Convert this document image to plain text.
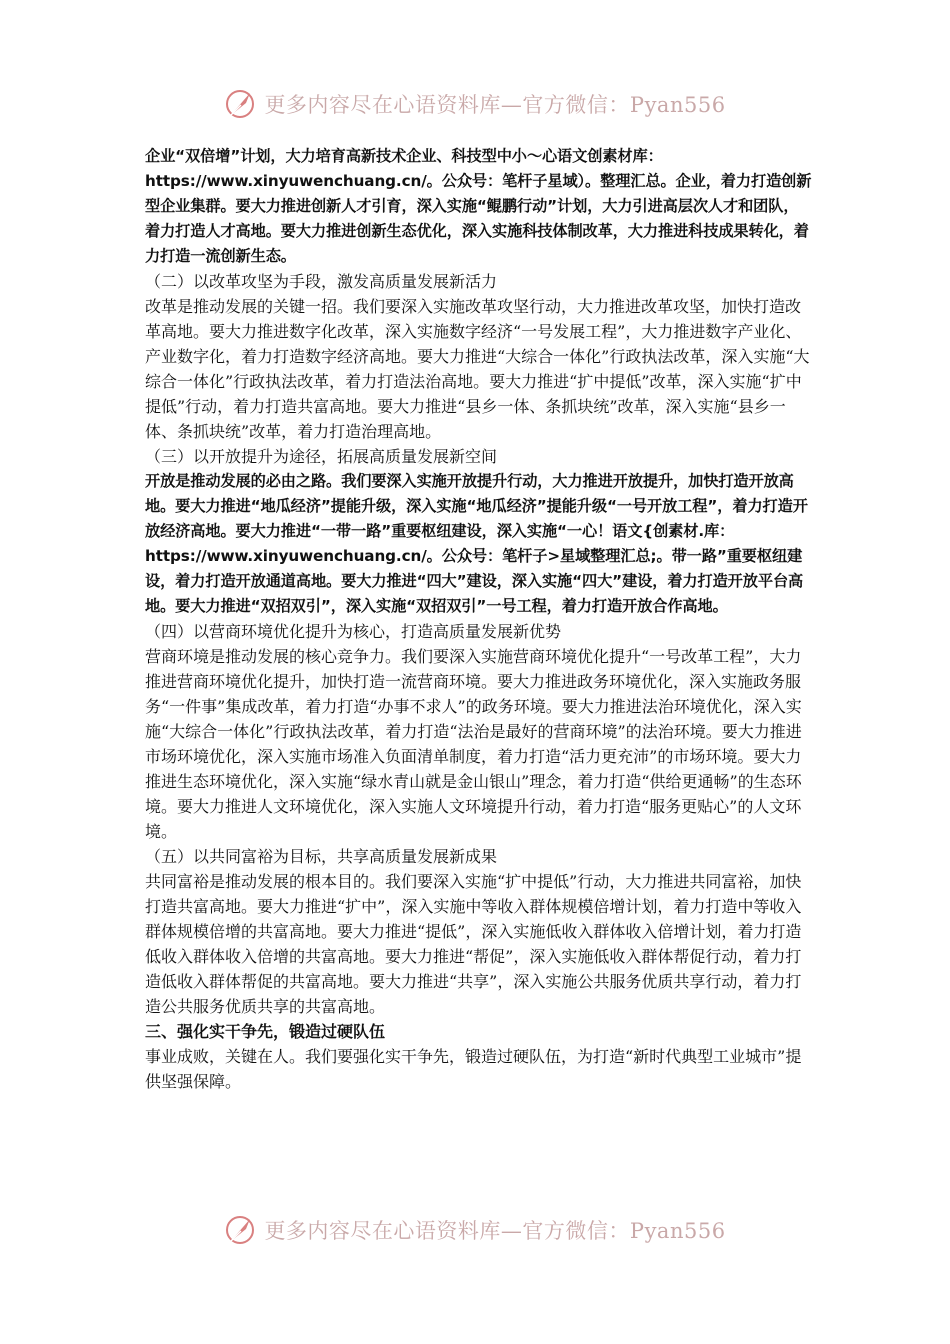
更多内容尽在心语资料库—官方微信：Pyan556

企业“双倍增”计划，大力培育高新技术企业、科技型中小～心语文创素材库：https://www.xinyuwenchuang.cn/。公众号：笔杆子星域）。整理汇总。企业，着力打造创新型企业集群。要大力推进创新人才引育，深入实施“鲲鹏行动”计划，大力引进高层次人才和团队，着力打造人才高地。要大力推进创新生态优化，深入实施科技体制改革，大力推进科技成果转化，着力打造一流创新生态。

（二）以改革攻坚为手段，激发高质量发展新活力

改革是推动发展的关键一招。我们要深入实施改革攻坚行动，大力推进改革攻坚，加快打造改革高地。要大力推进数字化改革，深入实施数字经济“一号发展工程”，大力推进数字产业化、产业数字化，着力打造数字经济高地。要大力推进“大综合一体化”行政执法改革，深入实施“大综合一体化”行政执法改革，着力打造法治高地。要大力推进“扩中提低”改革，深入实施“扩中提低”行动，着力打造共富高地。要大力推进“县乡一体、条抓块统”改革，深入实施“县乡一体、条抓块统”改革，着力打造治理高地。

（三）以开放提升为途径，拓展高质量发展新空间

开放是推动发展的必由之路。我们要深入实施开放提升行动，大力推进开放提升，加快打造开放高地。要大力推进“地瓜经济”提能升级，深入实施“地瓜经济”提能升级“一号开放工程”，着力打造开放经济高地。要大力推进“一带一路”重要枢纽建设，深入实施“一心！语文{创素材.库：https://www.xinyuwenchuang.cn/。公众号：笔杆子>星域整理汇总;。带一路”重要枢纽建设，着力打造开放通道高地。要大力推进“四大”建设，深入实施“四大”建设，着力打造开放平台高地。要大力推进“双招双引”，深入实施“双招双引”一号工程，着力打造开放合作高地。

（四）以营商环境优化提升为核心，打造高质量发展新优势

营商环境是推动发展的核心竞争力。我们要深入实施营商环境优化提升“一号改革工程”，大力推进营商环境优化提升，加快打造一流营商环境。要大力推进政务环境优化，深入实施政务服务“一件事”集成改革，着力打造“办事不求人”的政务环境。要大力推进法治环境优化，深入实施“大综合一体化”行政执法改革，着力打造“法治是最好的营商环境”的法治环境。要大力推进市场环境优化，深入实施市场准入负面清单制度，着力打造“活力更充沛”的市场环境。要大力推进生态环境优化，深入实施“绿水青山就是金山银山”理念，着力打造“供给更通畅”的生态环境。要大力推进人文环境优化，深入实施人文环境提升行动，着力打造“服务更贴心”的人文环境。

（五）以共同富裕为目标，共享高质量发展新成果

共同富裕是推动发展的根本目的。我们要深入实施“扩中提低”行动，大力推进共同富裕，加快打造共富高地。要大力推进“扩中”，深入实施中等收入群体规模倍增计划，着力打造中等收入群体规模倍增的共富高地。要大力推进“提低”，深入实施低收入群体收入倍增计划，着力打造低收入群体收入倍增的共富高地。要大力推进“帮促”，深入实施低收入群体帮促行动，着力打造低收入群体帮促的共富高地。要大力推进“共享”，深入实施公共服务优质共享行动，着力打造公共服务优质共享的共富高地。

三、强化实干争先，锻造过硬队伍

事业成败，关键在人。我们要强化实干争先，锻造过硬队伍，为打造“新时代典型工业城市”提供坚强保障。

更多内容尽在心语资料库—官方微信：Pyan556
